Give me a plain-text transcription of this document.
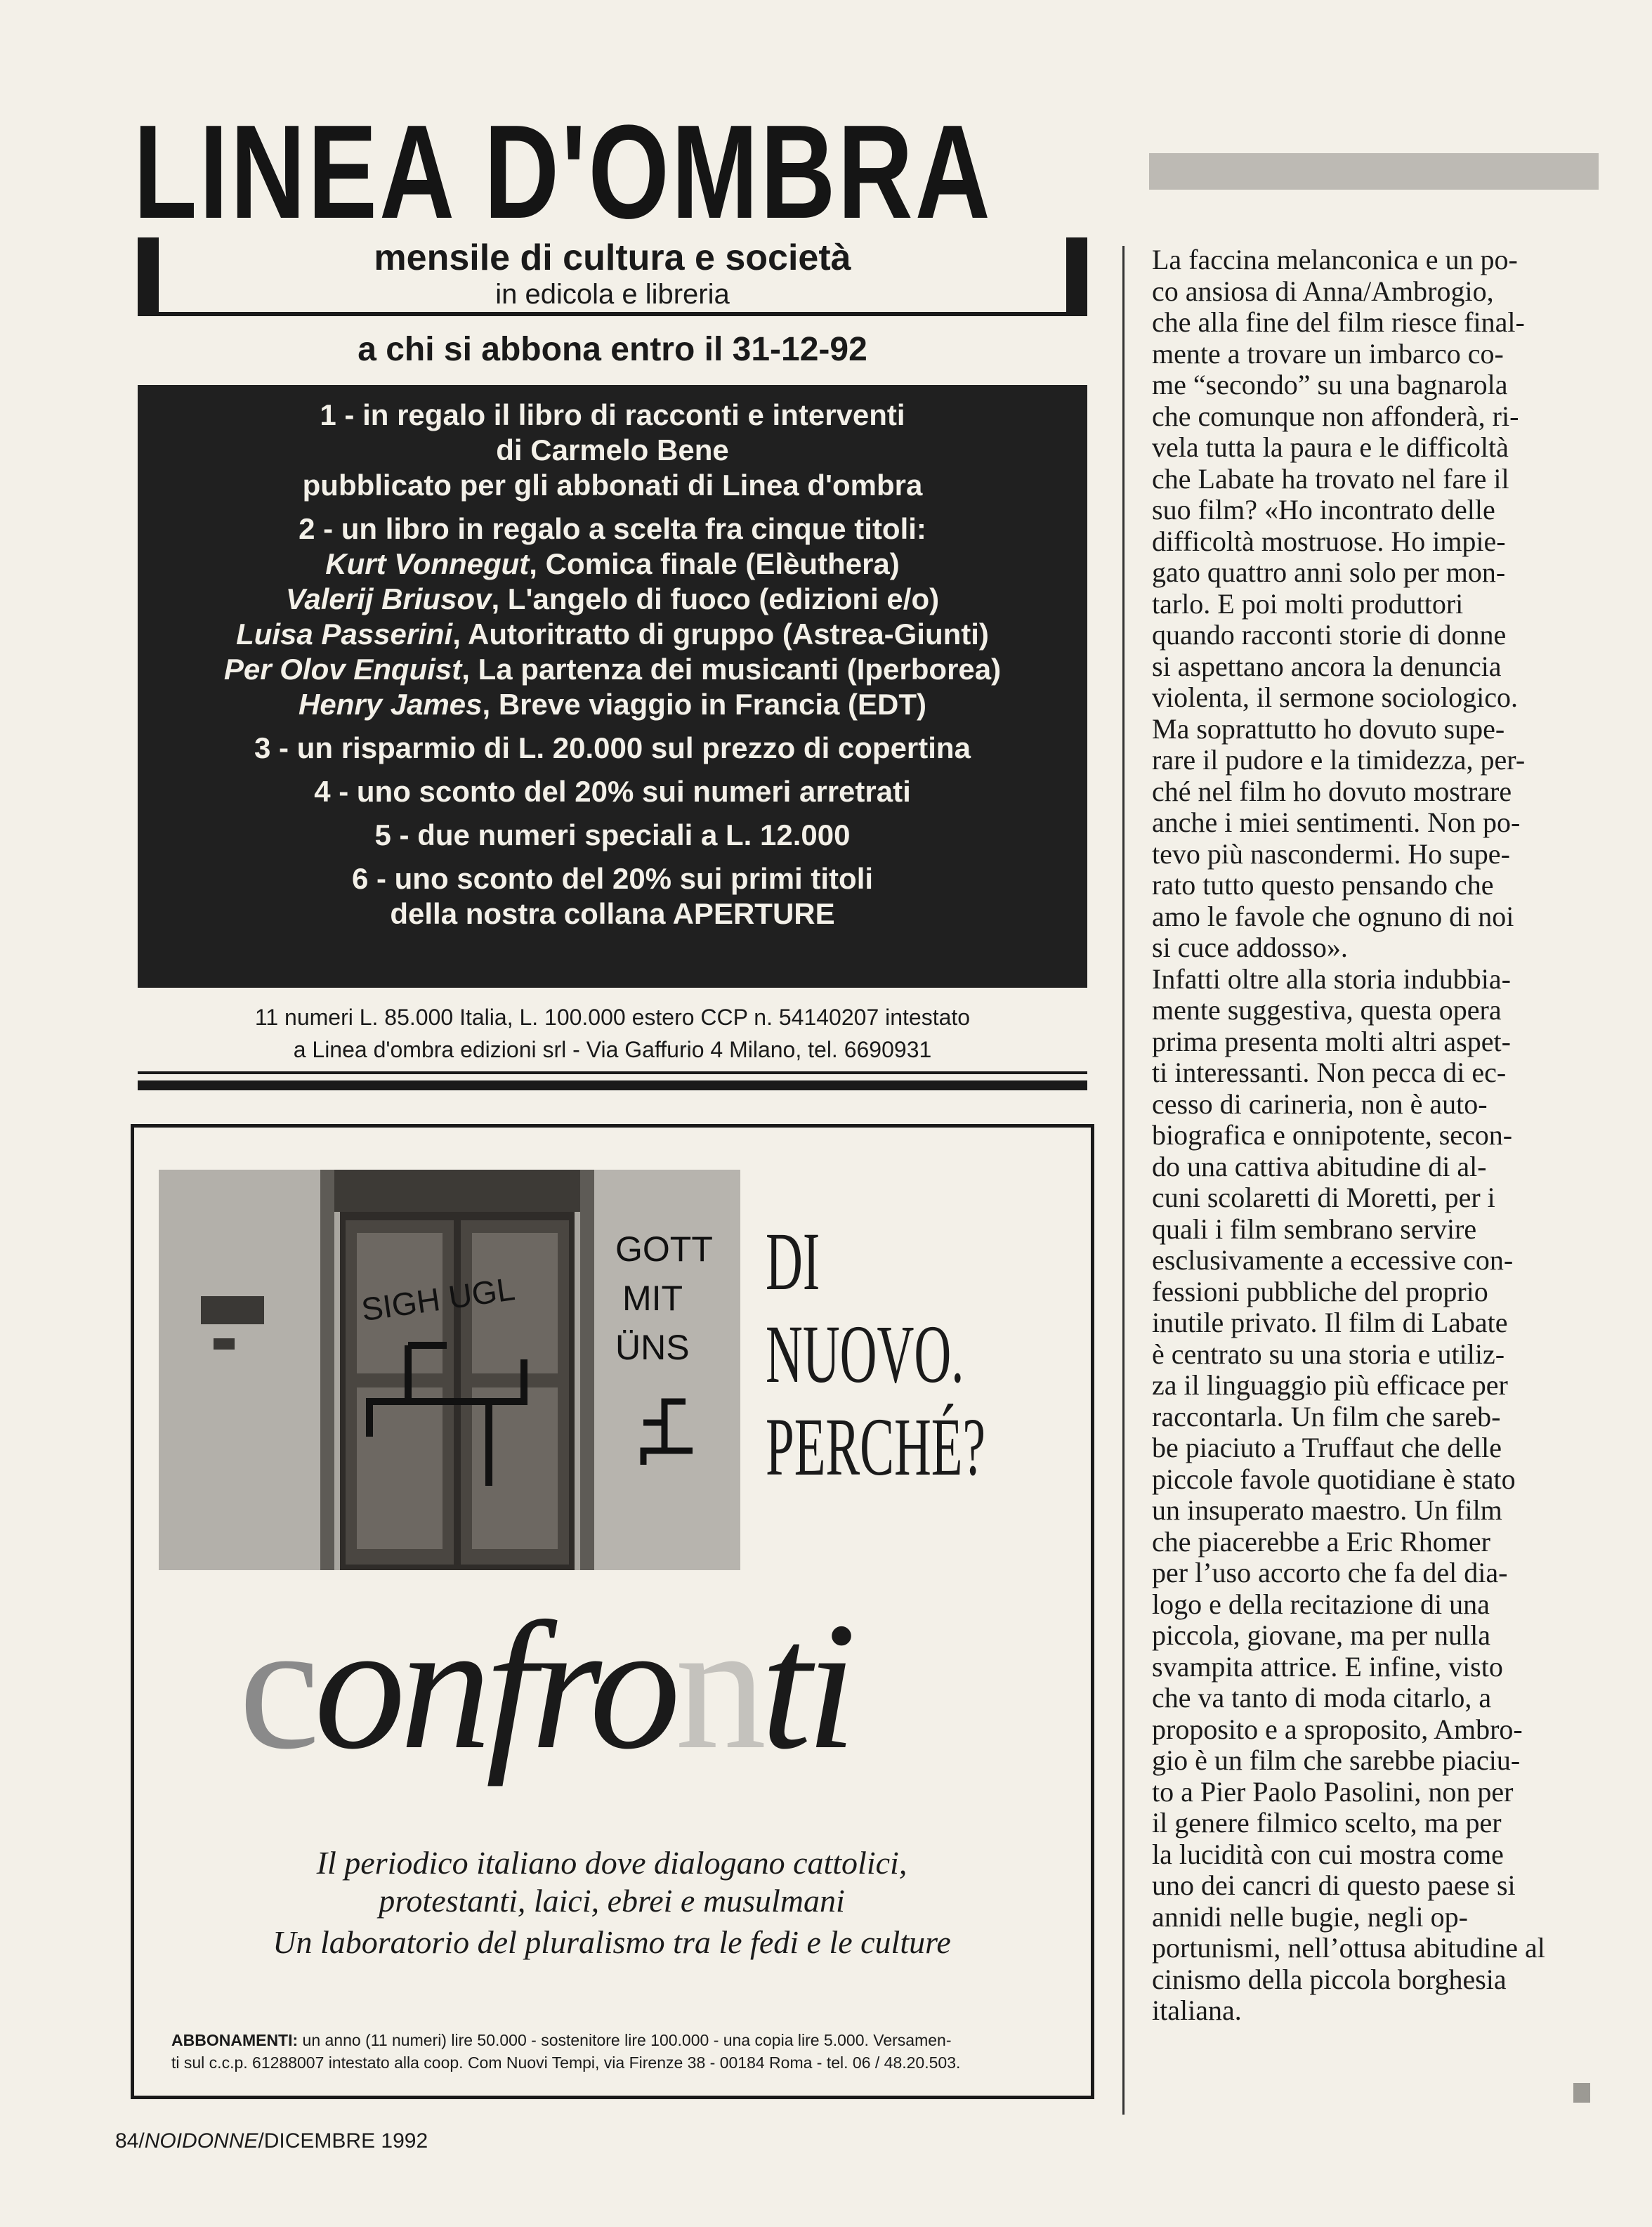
LINEA D'OMBRA
mensile di cultura e società
in edicola e libreria
a chi si abbona entro il 31-12-92
1 - in regalo il libro di racconti e interventi
di Carmelo Bene
pubblicato per gli abbonati di Linea d'ombra
2 - un libro in regalo a scelta fra cinque titoli:
Kurt Vonnegut, Comica finale (Elèuthera)
Valerij Briusov, L'angelo di fuoco (edizioni e/o)
Luisa Passerini, Autoritratto di gruppo (Astrea-Giunti)
Per Olov Enquist, La partenza dei musicanti (Iperborea)
Henry James, Breve viaggio in Francia (EDT)
3 - un risparmio di L. 20.000 sul prezzo di copertina
4 - uno sconto del 20% sui numeri arretrati
5 - due numeri speciali a L. 12.000
6 - uno sconto del 20% sui primi titoli
della nostra collana APERTURE
11 numeri L. 85.000 Italia, L. 100.000 estero CCP n. 54140207 intestato
a Linea d'ombra edizioni srl - Via Gaffurio 4 Milano, tel. 6690931
SIGH UGL
GOTT
MIT
ÜNS
DI
NUOVO.
PERCHÉ?
confronti
Il periodico italiano dove dialogano cattolici,
protestanti, laici, ebrei e musulmani
Un laboratorio del pluralismo tra le fedi e le culture
ABBONAMENTI: un anno (11 numeri) lire 50.000 - sostenitore lire 100.000 - una copia lire 5.000. Versamen-
ti sul c.c.p. 61288007 intestato alla coop. Com Nuovi Tempi, via Firenze 38 - 00184 Roma - tel. 06 / 48.20.503.
La faccina melanconica e un po-
co ansiosa di Anna/Ambrogio,
che alla fine del film riesce final-
mente a trovare un imbarco co-
me “secondo” su una bagnarola
che comunque non affonderà, ri-
vela tutta la paura e le difficoltà
che Labate ha trovato nel fare il
suo film? «Ho incontrato delle
difficoltà mostruose. Ho impie-
gato quattro anni solo per mon-
tarlo. E poi molti produttori
quando racconti storie di donne
si aspettano ancora la denuncia
violenta, il sermone sociologico.
Ma soprattutto ho dovuto supe-
rare il pudore e la timidezza, per-
ché nel film ho dovuto mostrare
anche i miei sentimenti. Non po-
tevo più nascondermi. Ho supe-
rato tutto questo pensando che
amo le favole che ognuno di noi
si cuce addosso».
Infatti oltre alla storia indubbia-
mente suggestiva, questa opera
prima presenta molti altri aspet-
ti interessanti. Non pecca di ec-
cesso di carineria, non è auto-
biografica e onnipotente, secon-
do una cattiva abitudine di al-
cuni scolaretti di Moretti, per i
quali i film sembrano servire
esclusivamente a eccessive con-
fessioni pubbliche del proprio
inutile privato. Il film di Labate
è centrato su una storia e utiliz-
za il linguaggio più efficace per
raccontarla. Un film che sareb-
be piaciuto a Truffaut che delle
piccole favole quotidiane è stato
un insuperato maestro. Un film
che piacerebbe a Eric Rhomer
per l’uso accorto che fa del dia-
logo e della recitazione di una
piccola, giovane, ma per nulla
svampita attrice. E infine, visto
che va tanto di moda citarlo, a
proposito e a sproposito, Ambro-
gio è un film che sarebbe piaciu-
to a Pier Paolo Pasolini, non per
il genere filmico scelto, ma per
la lucidità con cui mostra come
uno dei cancri di questo paese si
annidi nelle bugie, negli op-
portunismi, nell’ottusa abitudine al
cinismo della piccola borghesia
italiana.
84/NOIDONNE/DICEMBRE 1992
